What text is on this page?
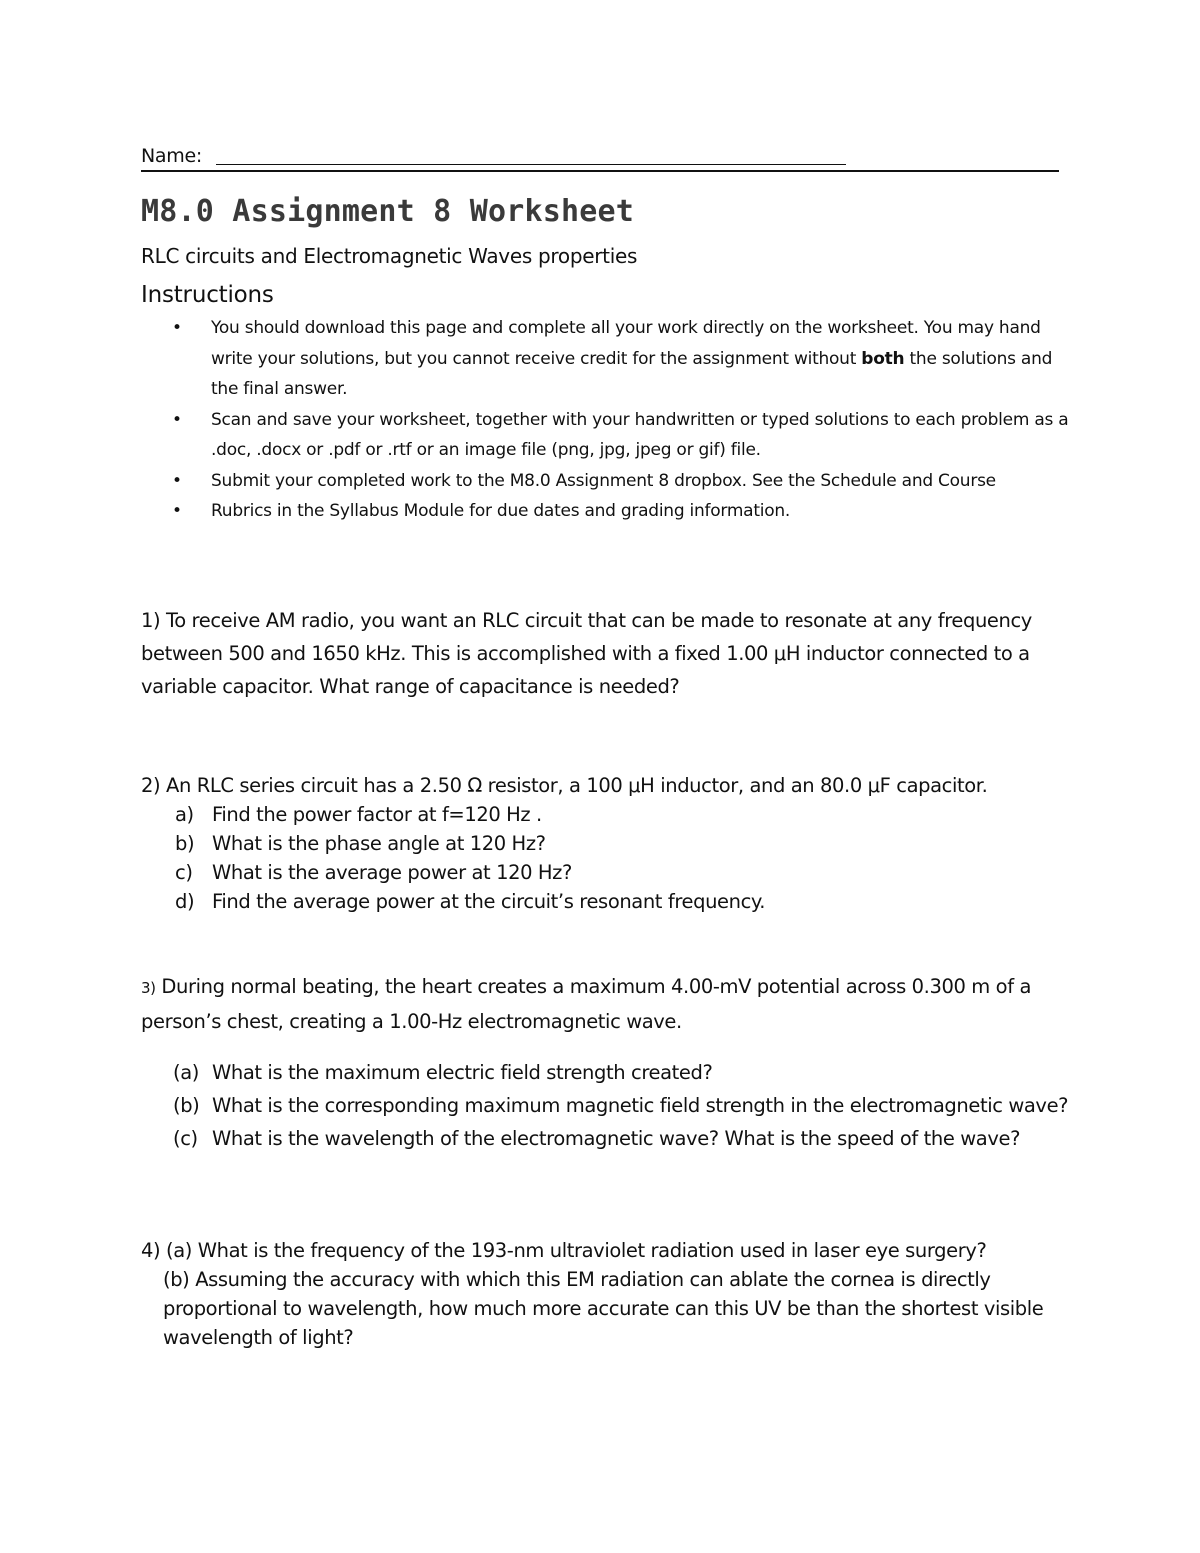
Name:
M8.0 Assignment 8 Worksheet
RLC circuits and Electromagnetic Waves properties
Instructions
• You should download this page and complete all your work directly on the worksheet. You may hand write your solutions, but you cannot receive credit for the assignment without both the solutions and the final answer.
• Scan and save your worksheet, together with your handwritten or typed solutions to each problem as a .doc, .docx or .pdf or .rtf or an image file (png, jpg, jpeg or gif) file.
• Submit your completed work to the M8.0 Assignment 8 dropbox. See the Schedule and Course
• Rubrics in the Syllabus Module for due dates and grading information.
1) To receive AM radio, you want an RLC circuit that can be made to resonate at any frequency between 500 and 1650 kHz. This is accomplished with a fixed 1.00 μH inductor connected to a variable capacitor. What range of capacitance is needed?
2) An RLC series circuit has a 2.50 Ω resistor, a 100 μH inductor, and an 80.0 μF capacitor.
a) Find the power factor at f=120 Hz .
b) What is the phase angle at 120 Hz?
c) What is the average power at 120 Hz?
d) Find the average power at the circuit’s resonant frequency.
3) During normal beating, the heart creates a maximum 4.00-mV potential across 0.300 m of a person’s chest, creating a 1.00-Hz electromagnetic wave.
(a) What is the maximum electric field strength created?
(b) What is the corresponding maximum magnetic field strength in the electromagnetic wave?
(c) What is the wavelength of the electromagnetic wave? What is the speed of the wave?
4) (a) What is the frequency of the 193-nm ultraviolet radiation used in laser eye surgery?
(b) Assuming the accuracy with which this EM radiation can ablate the cornea is directly proportional to wavelength, how much more accurate can this UV be than the shortest visible wavelength of light?
